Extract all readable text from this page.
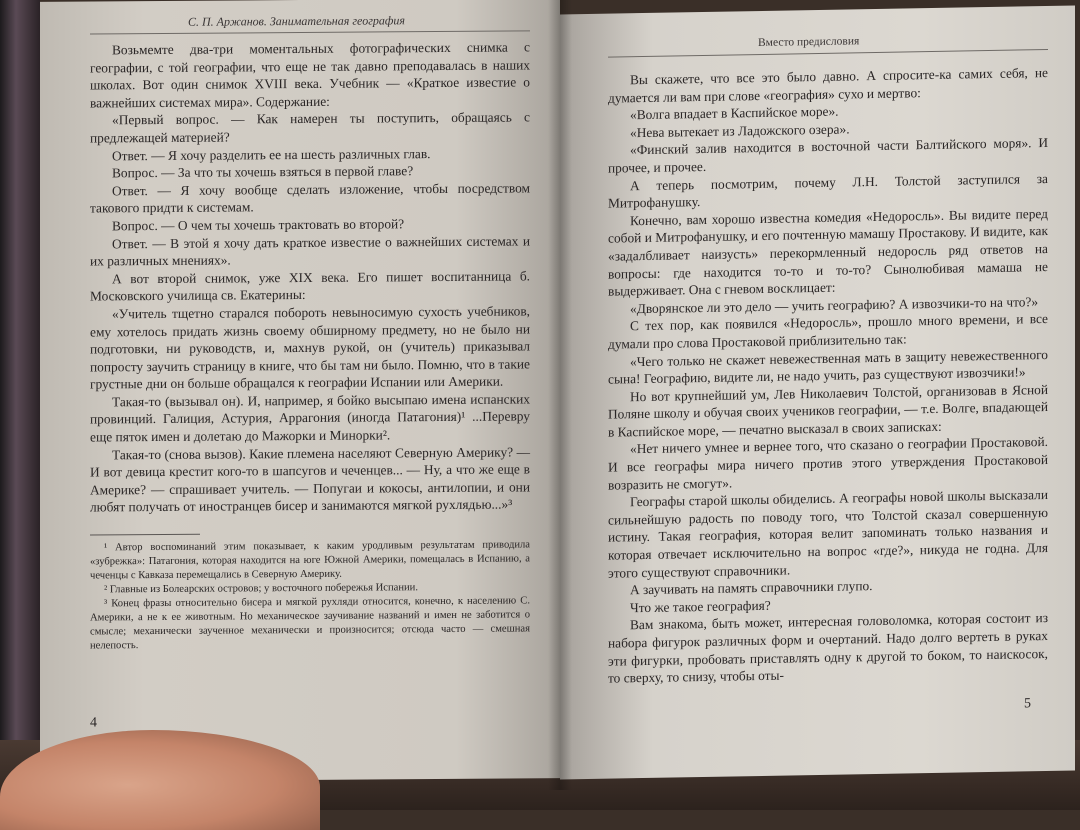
С. П. Аржанов. Занимательная география

Возьмемте два-три моментальных фотографических снимка с географии, с той географии, что еще не так давно преподавалась в наших школах. Вот один снимок XVIII века. Учебник — «Краткое известие о важнейших системах мира». Содержание:

«Первый вопрос. — Как намерен ты поступить, обращаясь с предлежащей материей?

Ответ. — Я хочу разделить ее на шесть различных глав.

Вопрос. — За что ты хочешь взяться в первой главе?

Ответ. — Я хочу вообще сделать изложение, чтобы посредством такового придти к системам.

Вопрос. — О чем ты хочешь трактовать во второй?

Ответ. — В этой я хочу дать краткое известие о важнейших системах и их различных мнениях».

А вот второй снимок, уже XIX века. Его пишет воспитанница б. Московского училища св. Екатерины:

«Учитель тщетно старался побороть невыносимую сухость учебников, ему хотелось придать жизнь своему обширному предмету, но не было ни подготовки, ни руководств, и, махнув рукой, он (учитель) приказывал попросту заучить страницу в книге, что бы там ни было. Помню, что в такие грустные дни он больше обращался к географии Испании или Америки.

Такая-то (вызывал он). И, например, я бойко высыпаю имена испанских провинций. Галиция, Астурия, Аррагония (иногда Патагония)¹ ...Перевру еще пяток имен и долетаю до Мажорки и Минорки².

Такая-то (снова вызов). Какие племена населяют Северную Америку? — И вот девица крестит кого-то в шапсугов и чеченцев... — Ну, а что же еще в Америке? — спрашивает учитель. — Попугаи и кокосы, антилопии, и они любят получать от иностранцев бисер и занимаются мягкой рухлядью...»³

¹ Автор воспоминаний этим показывает, к каким уродливым результатам приводила «зубрежка»: Патагония, которая находится на юге Южной Америки, помещалась в Испанию, а чеченцы с Кавказа перемещались в Северную Америку.

² Главные из Болеарских островов; у восточного побережья Испании.

³ Конец фразы относительно бисера и мягкой рухляди относится, конечно, к населению С. Америки, а не к ее животным. Но механическое заучивание названий и имен не заботится о смысле; механически заученное механически и произносится; отсюда часто — смешная нелепость.

4
Вместо предисловия

Вы скажете, что все это было давно. А спросите-ка самих себя, не думается ли вам при слове «география» сухо и мертво:

«Волга впадает в Каспийское море».

«Нева вытекает из Ладожского озера».

«Финский залив находится в восточной части Балтийского моря». И прочее, и прочее.

А теперь посмотрим, почему Л.Н. Толстой заступился за Митрофанушку.

Конечно, вам хорошо известна комедия «Недоросль». Вы видите перед собой и Митрофанушку, и его почтенную мамашу Простакову. И видите, как «задалбливает наизусть» перекормленный недоросль ряд ответов на вопросы: где находится то-то и то-то? Сынолюбивая мамаша не выдерживает. Она с гневом восклицает:

«Дворянское ли это дело — учить географию? А извозчики-то на что?»

С тех пор, как появился «Недоросль», прошло много времени, и все думали про слова Простаковой приблизительно так:

«Чего только не скажет невежественная мать в защиту невежественного сына! Географию, видите ли, не надо учить, раз существуют извозчики!»

Но вот крупнейший ум, Лев Николаевич Толстой, организовав в Ясной Поляне школу и обучая своих учеников географии, — т.е. Волге, впадающей в Каспийское море, — печатно высказал в своих записках:

«Нет ничего умнее и вернее того, что сказано о географии Простаковой. И все географы мира ничего против этого утверждения Простаковой возразить не смогут».

Географы старой школы обиделись. А географы новой школы высказали сильнейшую радость по поводу того, что Толстой сказал совершенную истину. Такая география, которая велит запоминать только названия и которая отвечает исключительно на вопрос «где?», никуда не годна. Для этого существуют справочники.

А заучивать на память справочники глупо.

Что же такое география?

Вам знакома, быть может, интересная головоломка, которая состоит из набора фигурок различных форм и очертаний. Надо долго вертеть в руках эти фигурки, пробовать приставлять одну к другой то боком, то наискосок, то сверху, то снизу, чтобы оты-

5
